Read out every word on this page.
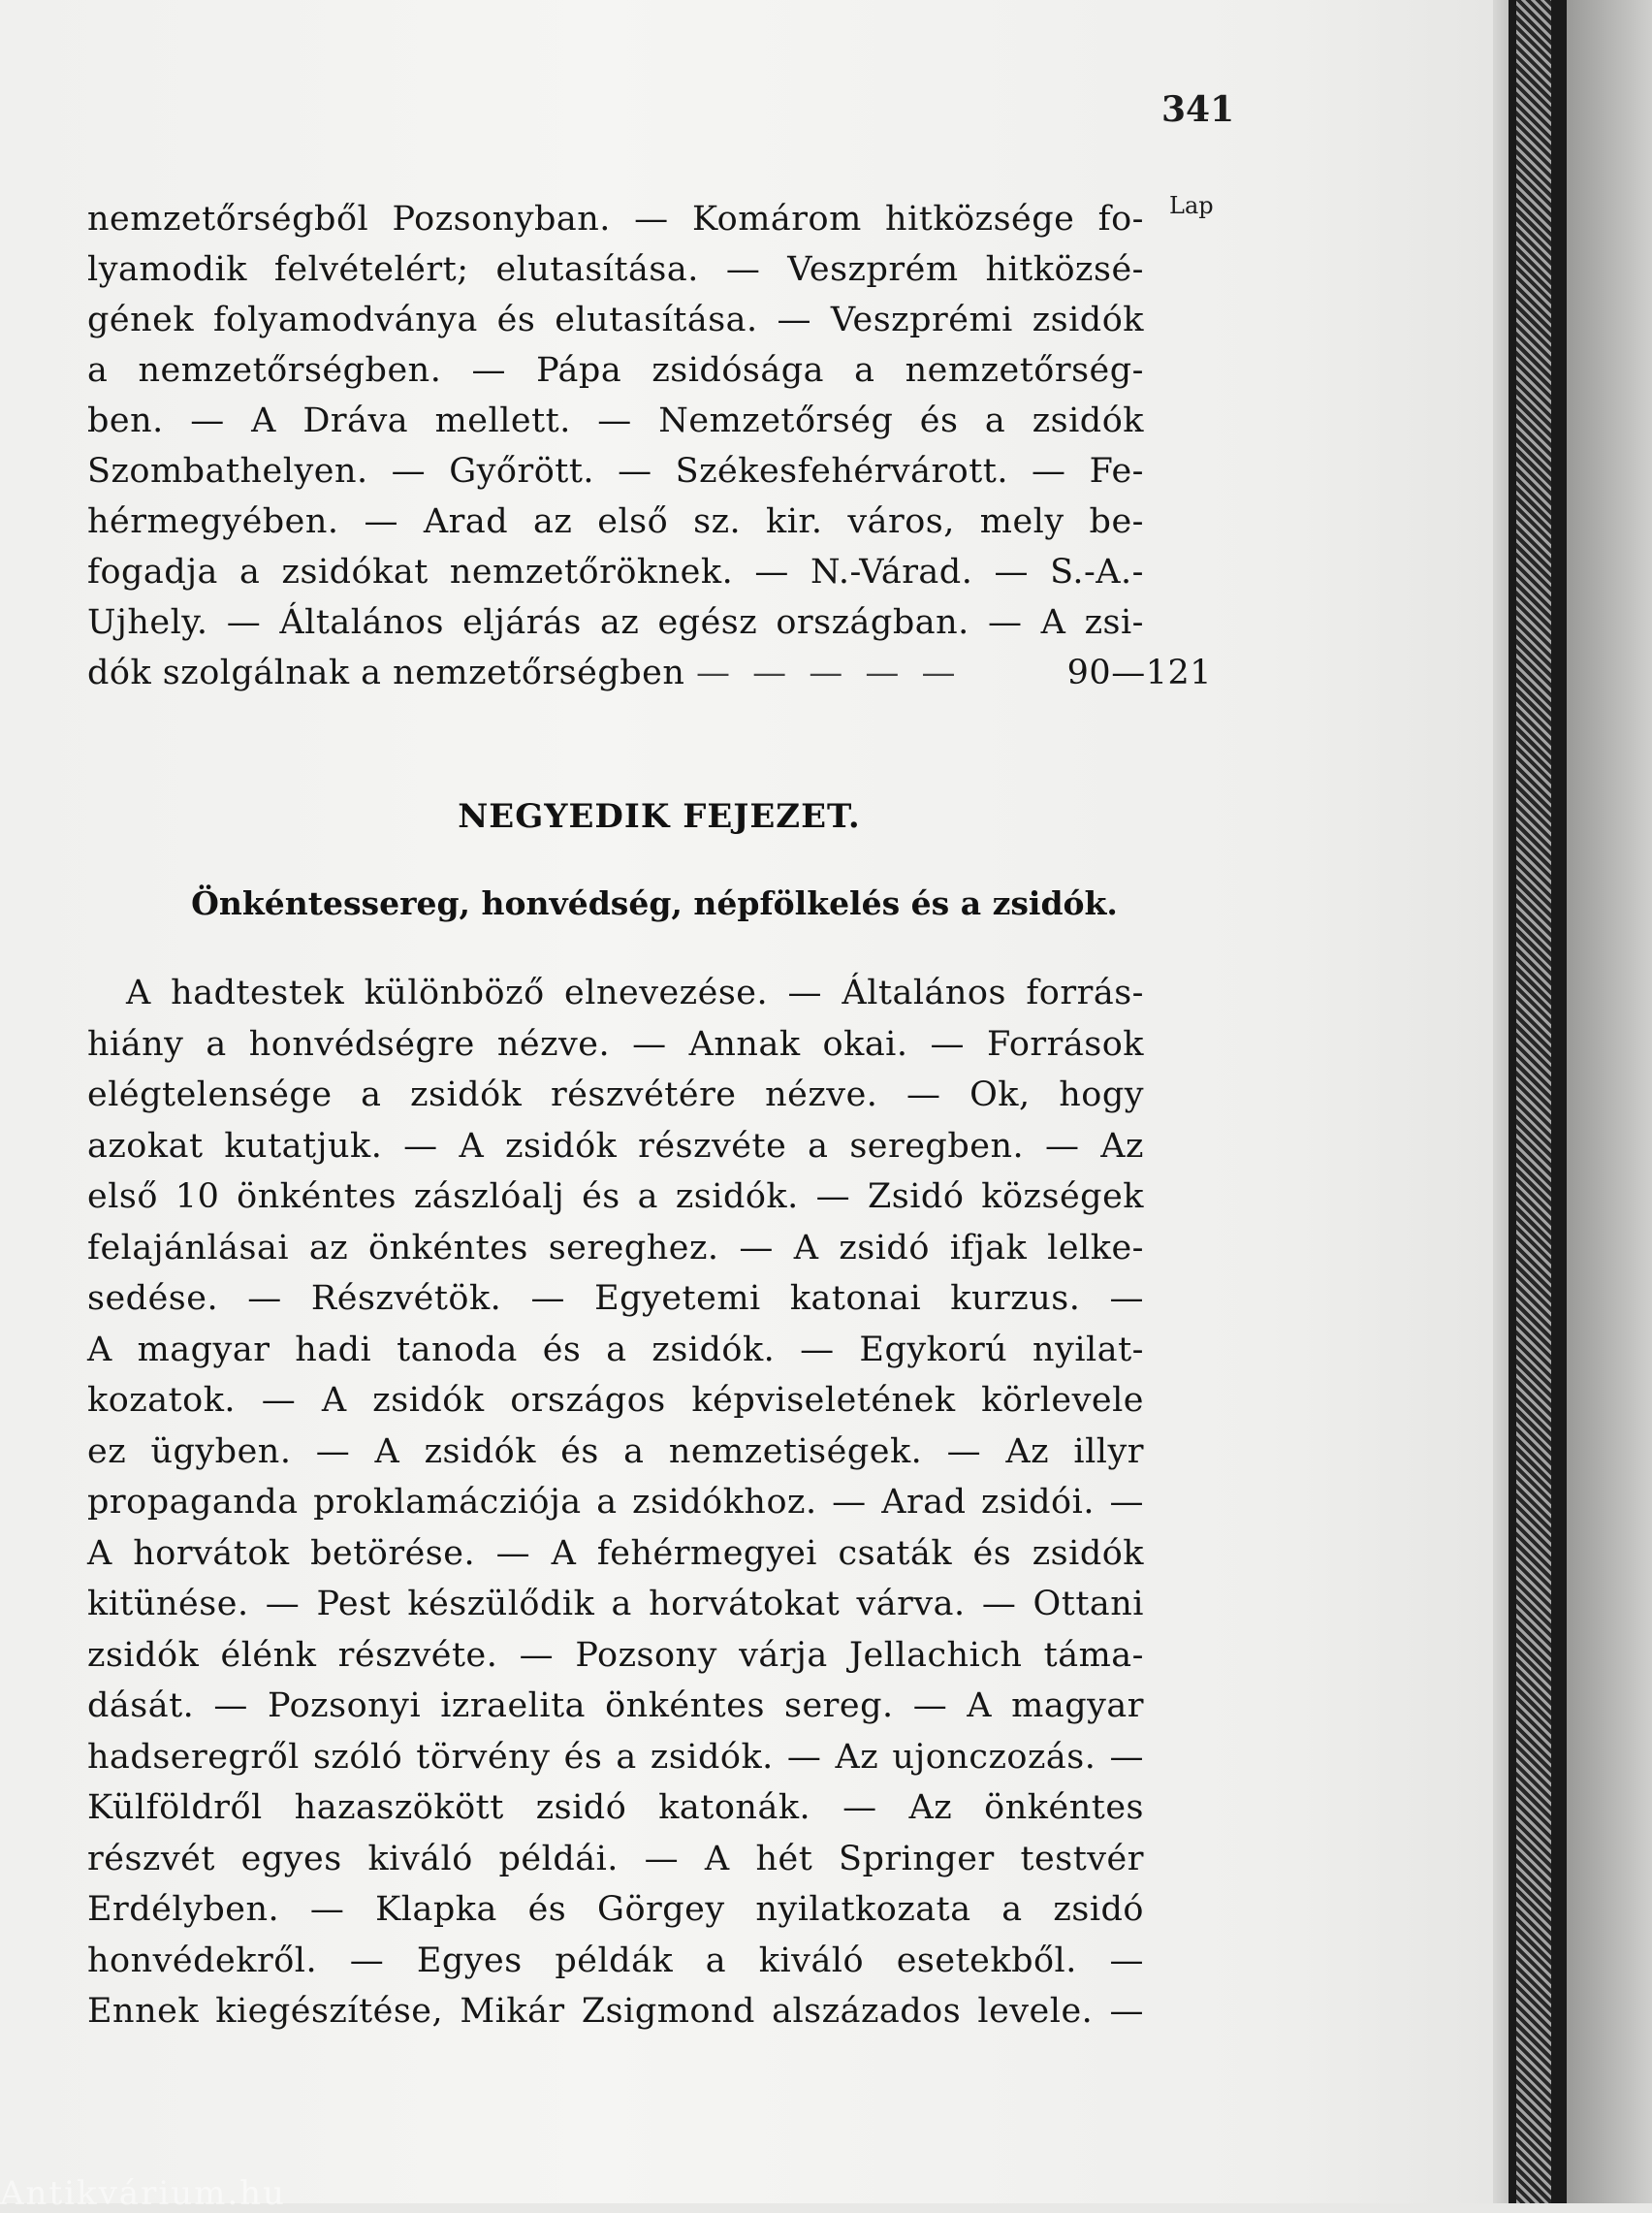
341
Lap
nemzetőrségből Pozsonyban. — Komárom hitközsége fo-
lyamodik felvételért; elutasítása. — Veszprém hitközsé-
gének folyamodványa és elutasítása. — Veszprémi zsidók
a nemzetőrségben. — Pápa zsidósága a nemzetőrség-
ben. — A Dráva mellett. — Nemzetőrség és a zsidók
Szombathelyen. — Győrött. — Székesfehérvárott. — Fe-
hérmegyében. — Arad az első sz. kir. város, mely be-
fogadja a zsidókat nemzetőröknek. — N.-Várad. — S.-A.-
Ujhely. — Általános eljárás az egész országban. — A zsi-
dók szolgálnak a nemzetőrségben — — — — —	90—121
NEGYEDIK FEJEZET.
Önkéntessereg, honvédség, népfölkelés és a zsidók.
A hadtestek különböző elnevezése. — Általános forrás-
hiány a honvédségre nézve. — Annak okai. — Források
elégtelensége a zsidók részvétére nézve. — Ok, hogy
azokat kutatjuk. — A zsidók részvéte a seregben. — Az
első 10 önkéntes zászlóalj és a zsidók. — Zsidó községek
felajánlásai az önkéntes sereghez. — A zsidó ifjak lelke-
sedése. — Részvétök. — Egyetemi katonai kurzus. —
A magyar hadi tanoda és a zsidók. — Egykorú nyilat-
kozatok. — A zsidók országos képviseletének körlevele
ez ügyben. — A zsidók és a nemzetiségek. — Az illyr
propaganda proklamácziója a zsidókhoz. — Arad zsidói. —
A horvátok betörése. — A fehérmegyei csaták és zsidók
kitünése. — Pest készülődik a horvátokat várva. — Ottani
zsidók élénk részvéte. — Pozsony várja Jellachich táma-
dását. — Pozsonyi izraelita önkéntes sereg. — A magyar
hadseregről szóló törvény és a zsidók. — Az ujonczozás. —
Külföldről hazaszökött zsidó katonák. — Az önkéntes
részvét egyes kiváló példái. — A hét Springer testvér
Erdélyben. — Klapka és Görgey nyilatkozata a zsidó
honvédekről. — Egyes példák a kiváló esetekből. —
Ennek kiegészítése, Mikár Zsigmond alszázados levele. —
Antikvárium.hu
